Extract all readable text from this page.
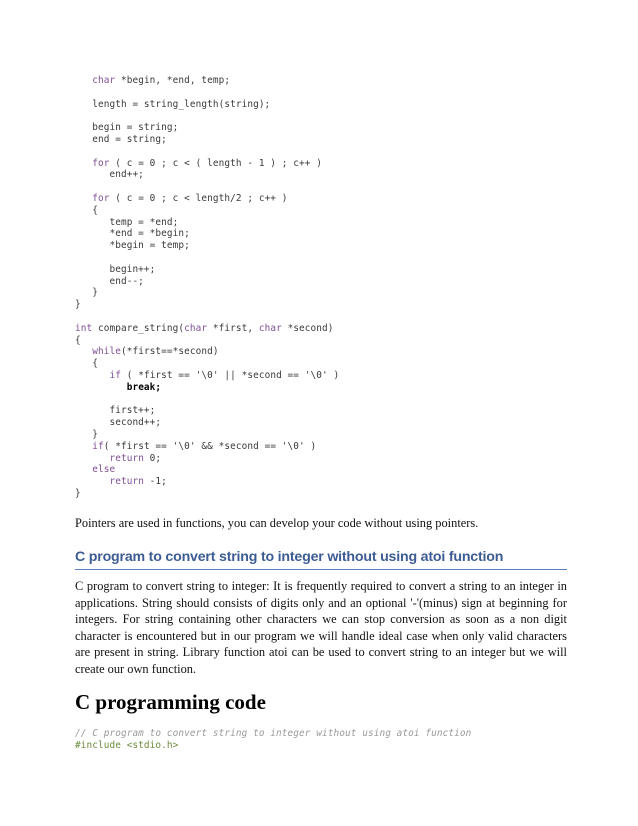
char *begin, *end, temp;

length = string_length(string);

begin = string;
end = string;

for ( c = 0 ; c < ( length - 1 ) ; c++ )
end++;

for ( c = 0 ; c < length/2 ; c++ )
{
temp = *end;
*end = *begin;
*begin = temp;

begin++;
end--;
}
}

int compare_string(char *first, char *second)
{
while(*first==*second)
{
if ( *first == '\0' || *second == '\0' )
break;

first++;
second++;
}
if( *first == '\0' && *second == '\0' )
return 0;
else
return -1;
}

Pointers are used in functions, you can develop your code without using pointers.

C program to convert string to integer without using atoi function

C program to convert string to integer: It is frequently required to convert a string to an integer in applications. String should consists of digits only and an optional '-'(minus) sign at beginning for integers. For string containing other characters we can stop conversion as soon as a non digit character is encountered but in our program we will handle ideal case when only valid characters are present in string. Library function atoi can be used to convert string to an integer but we will create our own function.

C programming code
// C program to convert string to integer without using atoi function
#include <stdio.h>
